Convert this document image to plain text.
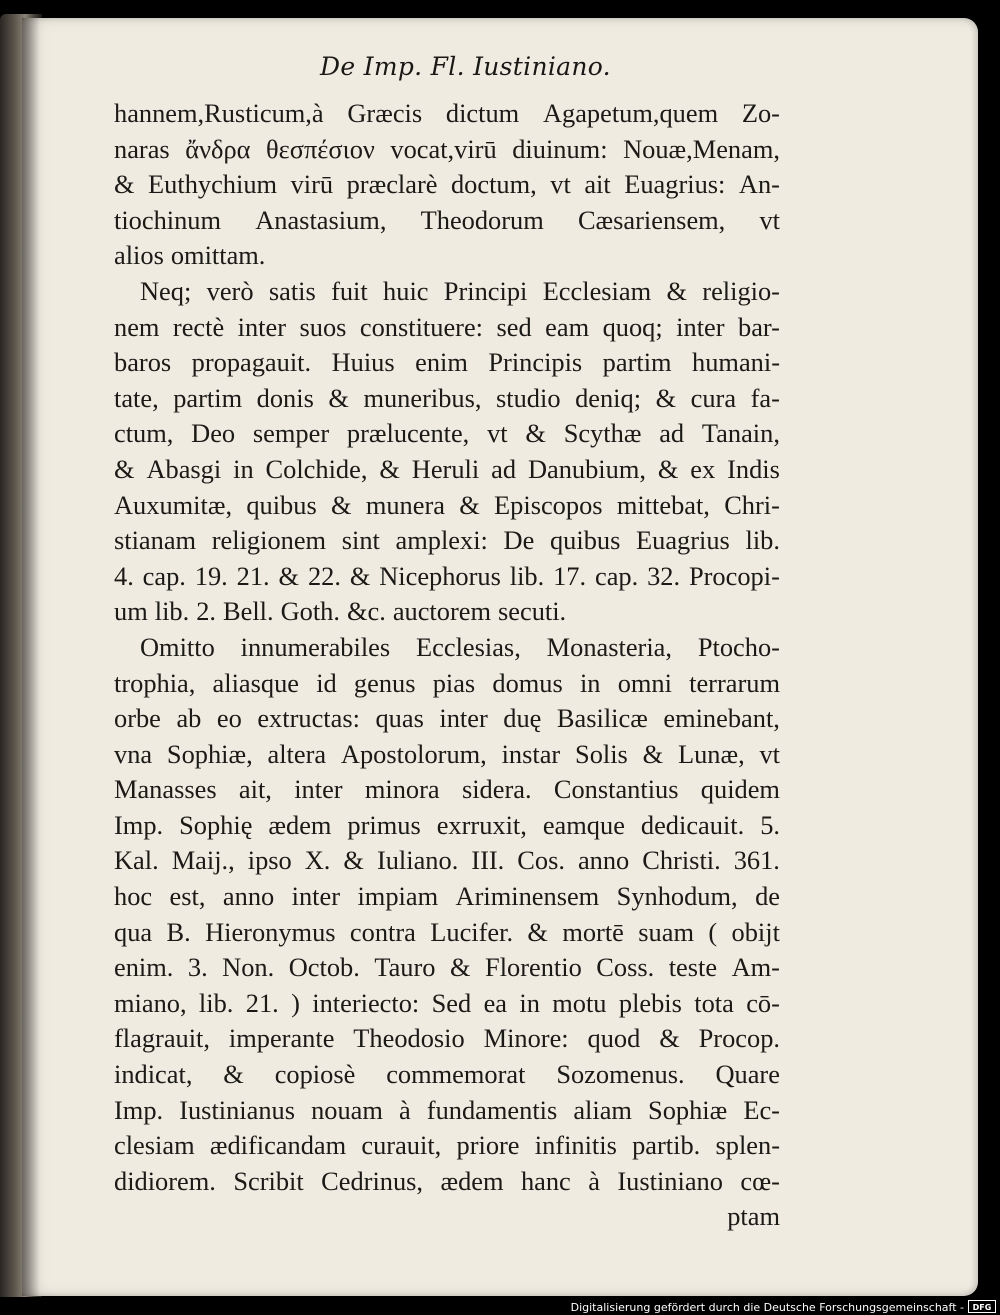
De Imp. Fl. Iustiniano.
hannem,Rusticum,à Græcis dictum Agapetum,quem Zo-
naras ἄνδρα θεσπέσιον vocat,virū diuinum: Nouæ,Menam,
& Euthychium virū præclarè doctum, vt ait Euagrius: An-
tiochinum Anastasium, Theodorum Cæsariensem, vt
alios omittam.
Neq; verò satis fuit huic Principi Ecclesiam & religio-
nem rectè inter suos constituere: sed eam quoq; inter bar-
baros propagauit. Huius enim Principis partim humani-
tate, partim donis & muneribus, studio deniq; & cura fa-
ctum, Deo semper prælucente, vt & Scythæ ad Tanain,
& Abasgi in Colchide, & Heruli ad Danubium, & ex Indis
Auxumitæ, quibus & munera & Episcopos mittebat, Chri-
stianam religionem sint amplexi: De quibus Euagrius lib.
4. cap. 19. 21. & 22. & Nicephorus lib. 17. cap. 32. Procopi-
um lib. 2. Bell. Goth. &c. auctorem secuti.
Omitto innumerabiles Ecclesias, Monasteria, Ptocho-
trophia, aliasque id genus pias domus in omni terrarum
orbe ab eo extructas: quas inter duę Basilicæ eminebant,
vna Sophiæ, altera Apostolorum, instar Solis & Lunæ, vt
Manasses ait, inter minora sidera. Constantius quidem
Imp. Sophię ædem primus exrruxit, eamque dedicauit. 5.
Kal. Maij., ipso X. & Iuliano. III. Cos. anno Christi. 361.
hoc est, anno inter impiam Ariminensem Synhodum, de
qua B. Hieronymus contra Lucifer. & mortē suam ( obijt
enim. 3. Non. Octob. Tauro & Florentio Coss. teste Am-
miano, lib. 21. ) interiecto: Sed ea in motu plebis tota cō-
flagrauit, imperante Theodosio Minore: quod & Procop.
indicat, & copiosè commemorat Sozomenus. Quare
Imp. Iustinianus nouam à fundamentis aliam Sophiæ Ec-
clesiam ædificandam curauit, priore infinitis partib. splen-
didiorem. Scribit Cedrinus, ædem hanc à Iustiniano cœ-
ptam
Digitalisierung gefördert durch die Deutsche Forschungsgemeinschaft -	DFG
